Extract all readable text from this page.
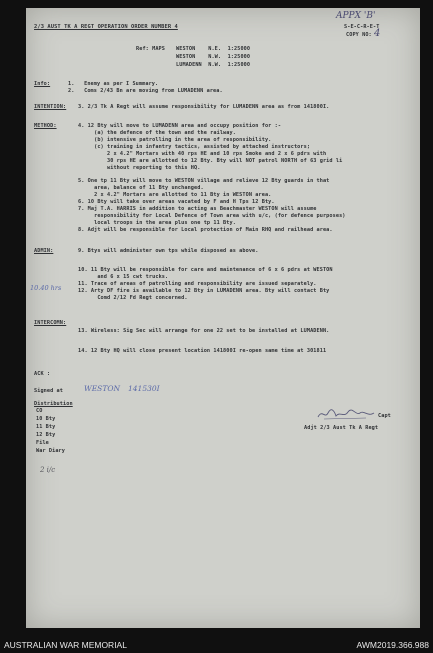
2/3 AUST TK A REGT OPERATION ORDER NUMBER 4
APPX 'B'
S-E-C-R-E-T
COPY NO: 4
Ref: MAPS WESTON    N.E.  1:25000
WESTON    N.W.  1:25000
LUMADENN  N.W.  1:25000
Info:	1.   Enemy as per I Summary.
2.   Coms 2/43 Bn are moving from LUMADENN area.
INTENTION: 3. 2/3 Tk A Regt will assume responsibility for LUMADENN area as from 141800I.
METHOD:	4. 12 Bty will move to LUMADENN area and occupy position for :-
(a) the defence of the town and the railway.
(b) intensive patrolling in the area of responsibility.
(c) training in infantry tactics, assisted by attached instructors;
2 x 4.2" Mortars with 40 rps HE and 10 rps Smoke and 2 x 6 pdrs with
30 rps HE are allotted to 12 Bty. Bty will NOT patrol NORTH of 63 grid li
without reporting to this HQ.
5. One tp 11 Bty will move to WESTON village and relieve 12 Bty guards in that
area, balance of 11 Bty unchanged.
2 x 4.2" Mortars are allotted to 11 Bty in WESTON area.
6. 10 Bty will take over areas vacated by F and H Tps 12 Bty.
7. Maj T.A. HARRIS in addition to acting as Beachmaster WESTON will assume
responsibility for Local Defence of Town area with u/c, (for defence purposes)
local troops in the area plus one tp 11 Bty.
8. Adjt will be responsible for Local protection of Main RHQ and railhead area.
ADMIN:	9. Btys will administer own tps while disposed as above.
10. 11 Bty will be responsible for care and maintenance of 6 x 6 pdrs at WESTON
and 6 x 15 cwt trucks.
10.40 hrs	11. Trace of areas of patrolling and responsibility are issued separately.
12. Arty DF fire is available to 12 Bty in LUMADENN area. Bty will contact Bty
Comd 2/12 Fd Regt concerned.
INTERCOMN:
13. Wireless: Sig Sec will arrange for one 22 set to be installed at LUMADENN.
14. 12 Bty HQ will close present location 141800I re-open same time at 301811
ACK :
Signed at	WESTON 141530I
Distribution
CO
10 Bty
11 Bty
12 Bty
File
War Diary
Capt
Adjt 2/3 Aust Tk A Regt
2 i/c
AUSTRALIAN WAR MEMORIAL	AWM2019.366.988
